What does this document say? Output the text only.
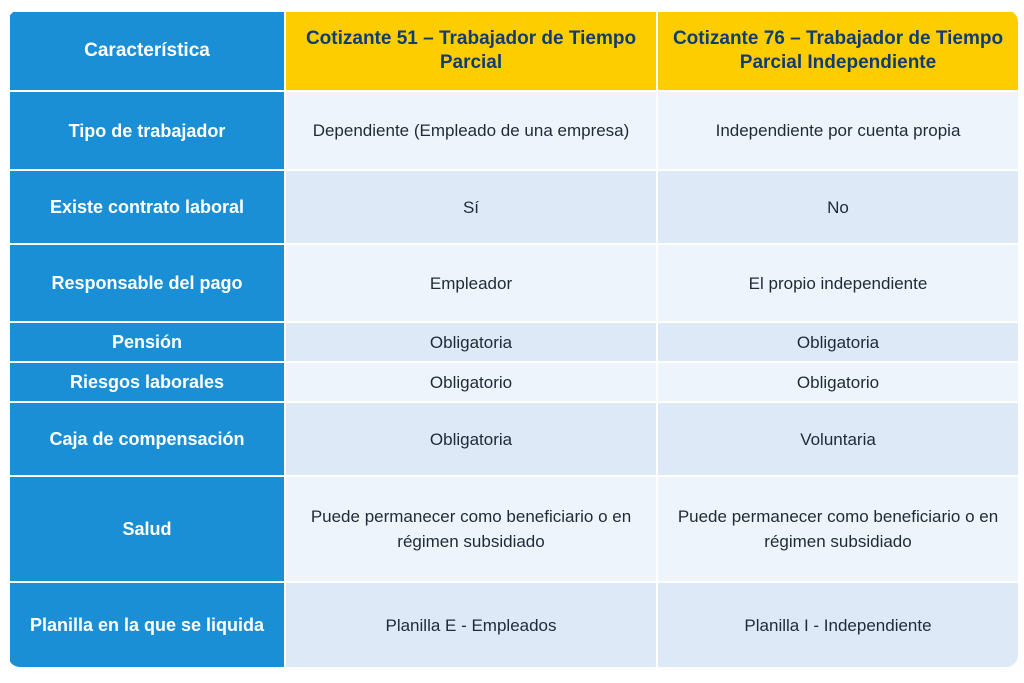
Característica	Cotizante 51 – Trabajador de Tiempo Parcial	Cotizante 76 – Trabajador de Tiempo Parcial Independiente
Tipo de trabajador	Dependiente (Empleado de una empresa)	Independiente por cuenta propia
Existe contrato laboral	Sí	No
Responsable del pago	Empleador	El propio independiente
Pensión	Obligatoria	Obligatoria
Riesgos laborales	Obligatorio	Obligatorio
Caja de compensación	Obligatoria	Voluntaria
Salud	Puede permanecer como beneficiario o en régimen subsidiado	Puede permanecer como beneficiario o en régimen subsidiado
Planilla en la que se liquida	Planilla E - Empleados	Planilla I - Independiente
